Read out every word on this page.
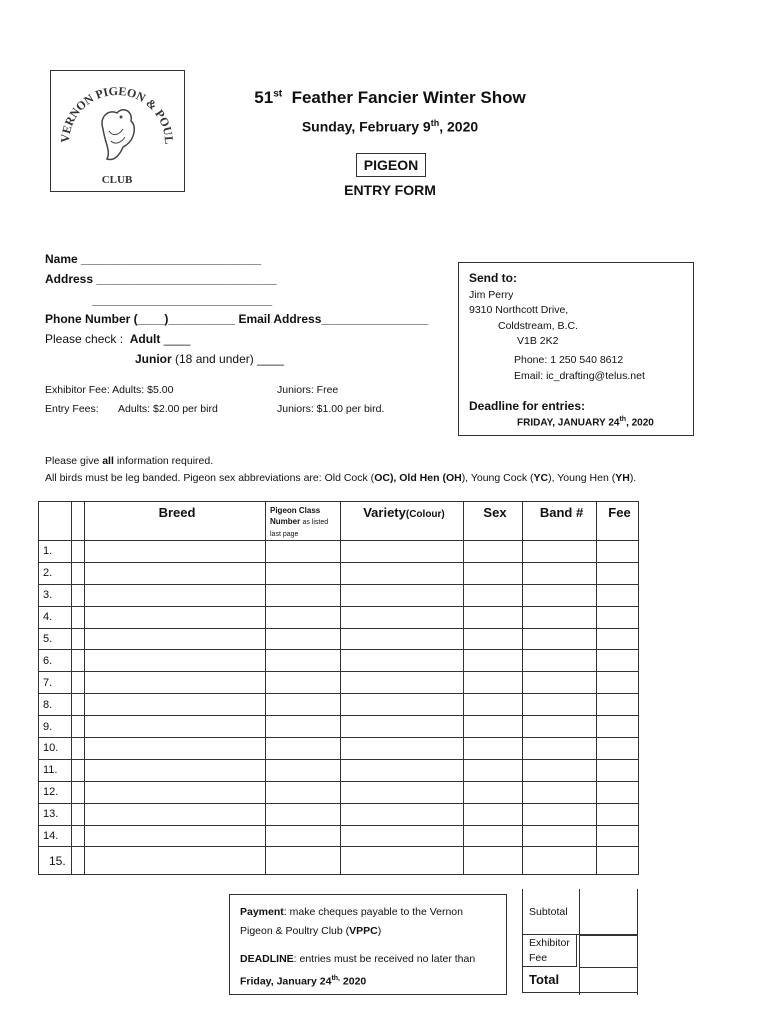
VERNON PIGEON & POUL
CLUB
51st Feather Fancier Winter Show
Sunday, February 9th, 2020
PIGEON
ENTRY FORM
Name ___________________________
Address ___________________________
___________________________
Phone Number (____)__________ Email Address________________
Please check : Adult ____
Junior (18 and under) ____
Exhibitor Fee: Adults: $5.00	Juniors: Free
Entry Fees: Adults: $2.00 per bird	Juniors: $1.00 per bird.
Send to:
Jim Perry
9310 Northcott Drive,
Coldstream, B.C.
V1B 2K2
Phone: 1 250 540 8612
Email: ic_drafting@telus.net
Deadline for entries:
FRIDAY, JANUARY 24th, 2020
Please give all information required.
All birds must be leg banded. Pigeon sex abbreviations are: Old Cock (OC), Old Hen (OH), Young Cock (YC), Young Hen (YH).
		Breed	Pigeon Class Number as listed last page	Variety(Colour)	Sex	Band #	Fee
1.							
2.							
3.							
4.							
5.							
6.							
7.							
8.							
9.							
10.							
11.							
12.							
13.							
14.							
15.							
Payment: make cheques payable to the Vernon Pigeon & Poultry Club (VPPC)
DEADLINE: entries must be received no later than
Friday, January $24^{th,}$ 2020
Subtotal
Exhibitor Fee
Total
